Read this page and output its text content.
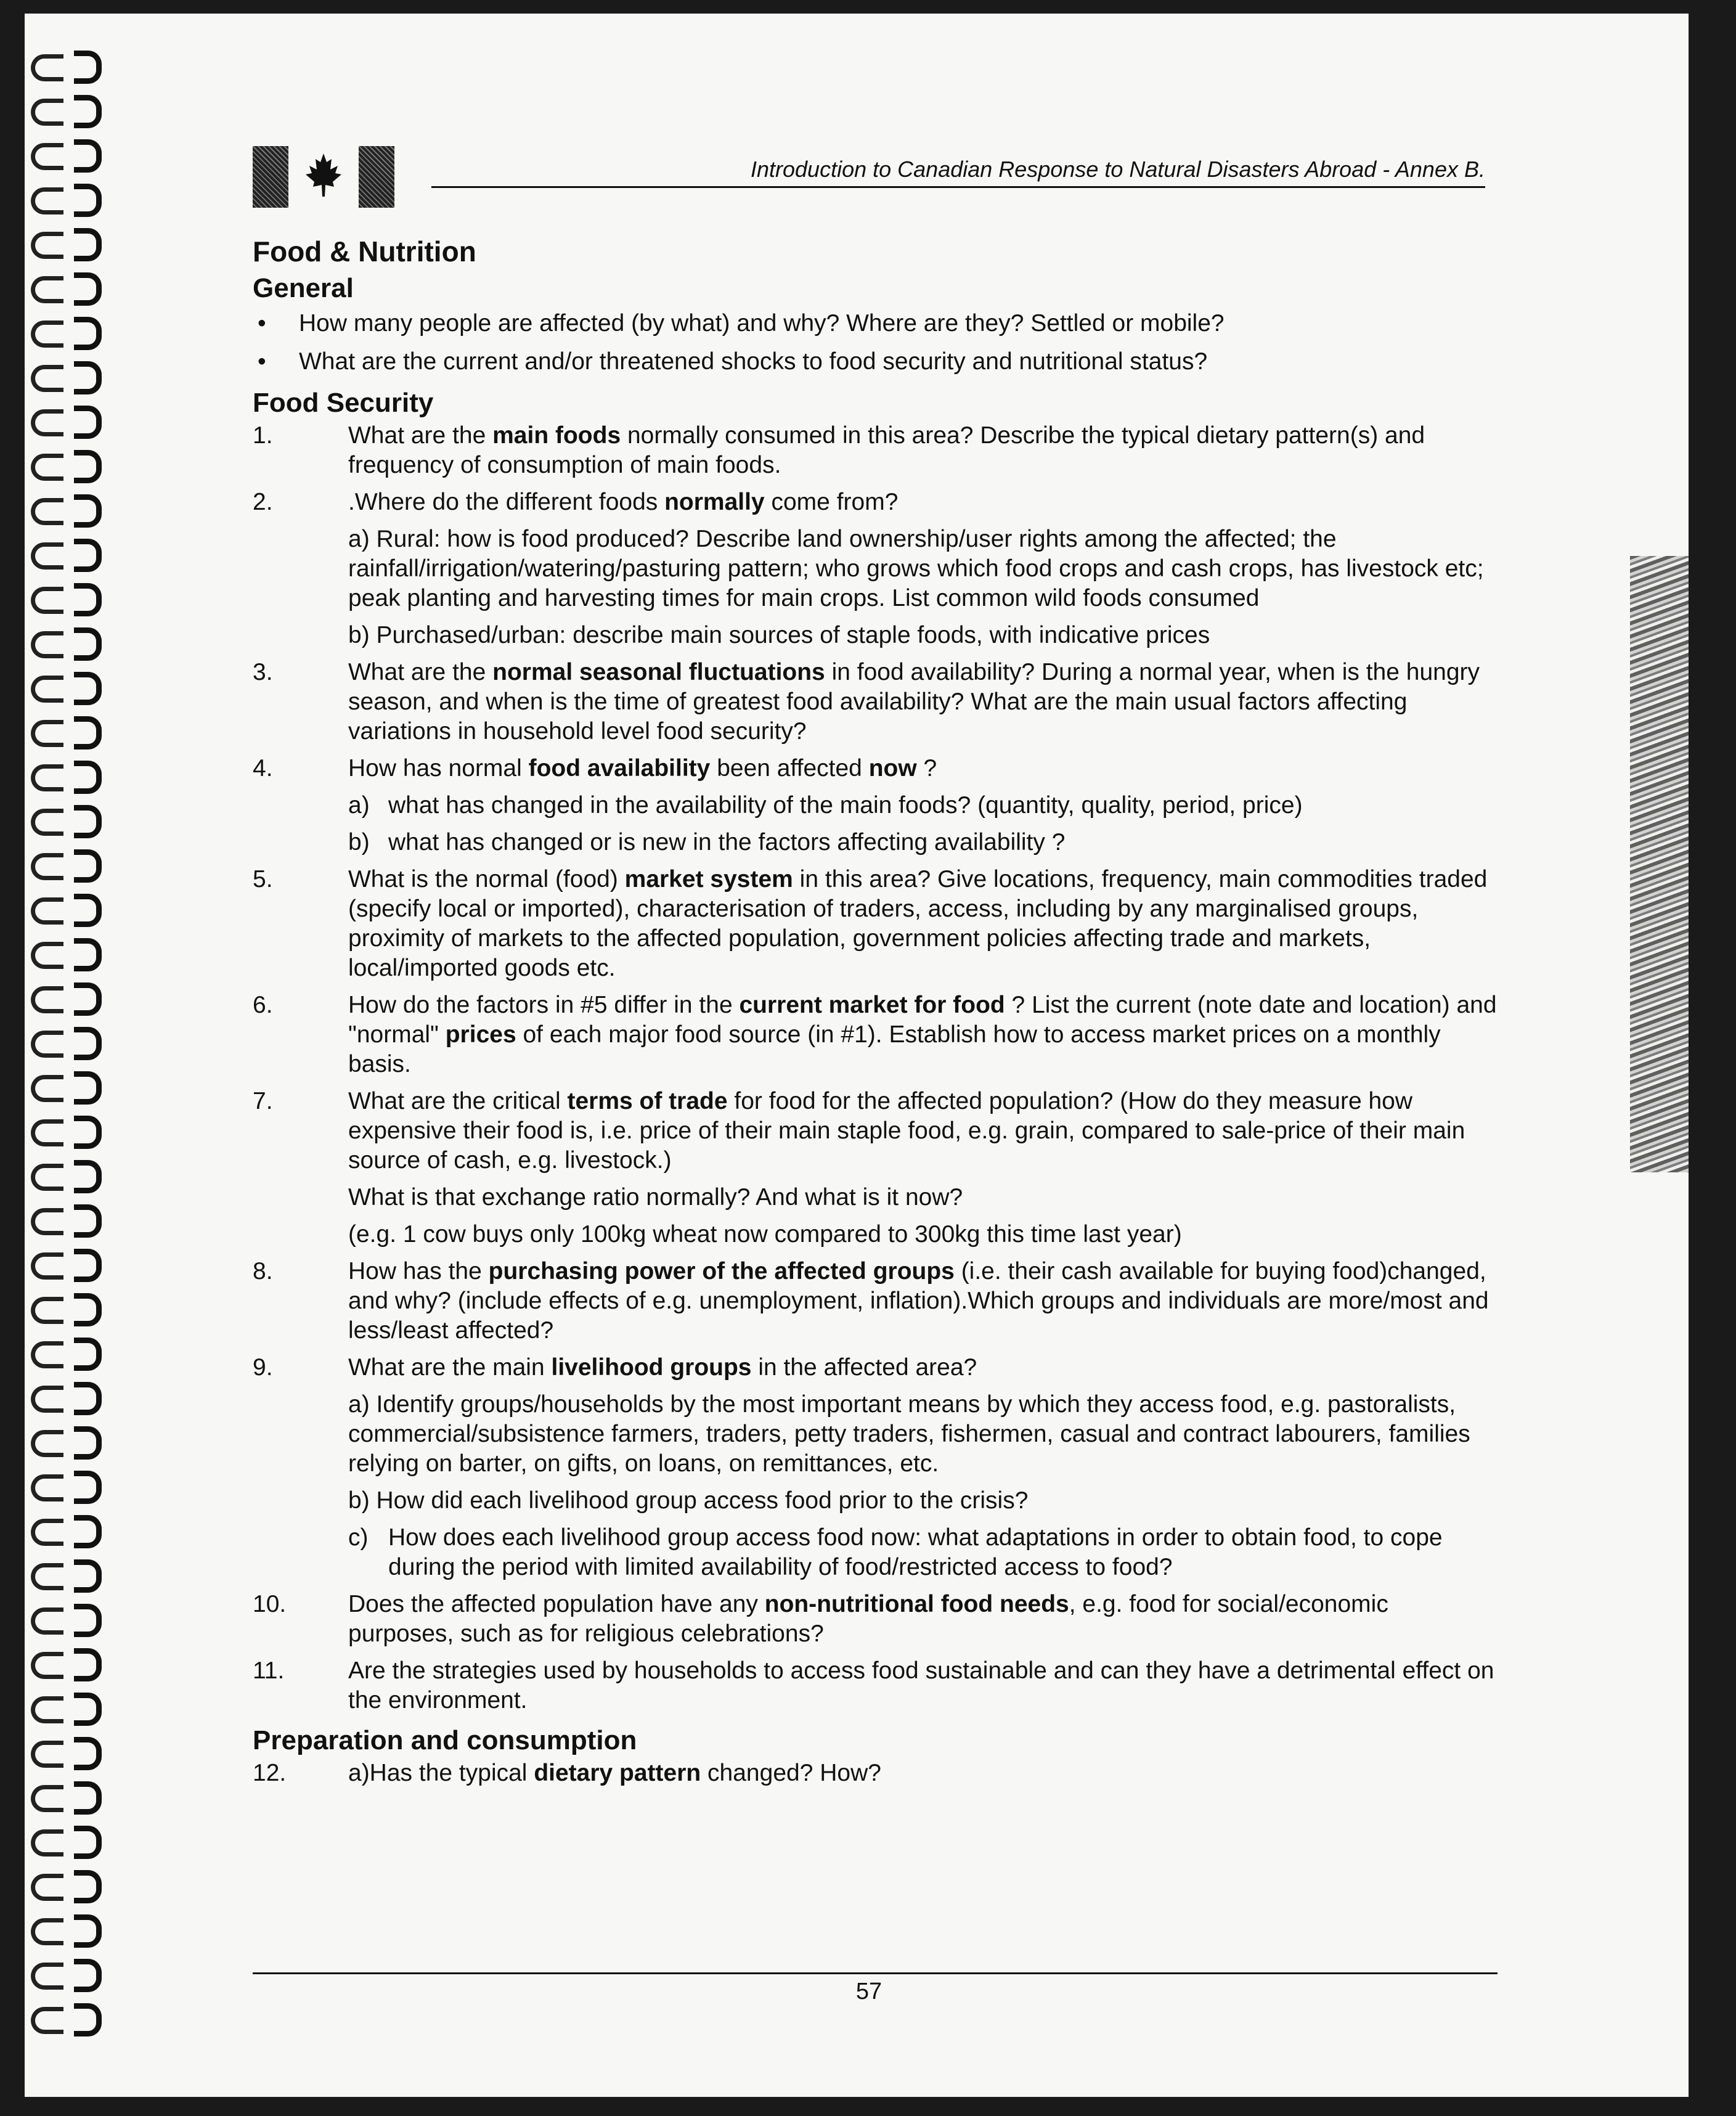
Introduction to Canadian Response to Natural Disasters Abroad - Annex B.
Food & Nutrition
General
• How many people are affected (by what) and why? Where are they? Settled or mobile?
• What are the current and/or threatened shocks to food security and nutritional status?
Food Security
1.	What are the main foods normally consumed in this area? Describe the typical dietary pattern(s) and frequency of consumption of main foods.
2.	.Where do the different foods normally come from?
a) Rural: how is food produced? Describe land ownership/user rights among the affected; the rainfall/irrigation/watering/pasturing pattern; who grows which food crops and cash crops, has livestock etc; peak planting and harvesting times for main crops. List common wild foods consumed
b) Purchased/urban: describe main sources of staple foods, with indicative prices
3.	What are the normal seasonal fluctuations in food availability? During a normal year, when is the hungry season, and when is the time of greatest food availability? What are the main usual factors affecting variations in household level food security?
4.	How has normal food availability been affected now ?
a) what has changed in the availability of the main foods? (quantity, quality, period, price)
b) what has changed or is new in the factors affecting availability ?
5.	What is the normal (food) market system in this area? Give locations, frequency, main commodities traded (specify local or imported), characterisation of traders, access, including by any marginalised groups, proximity of markets to the affected population, government policies affecting trade and markets, local/imported goods etc.
6.	How do the factors in #5 differ in the current market for food ? List the current (note date and location) and "normal" prices of each major food source (in #1). Establish how to access market prices on a monthly basis.
7.	What are the critical terms of trade for food for the affected population? (How do they measure how expensive their food is, i.e. price of their main staple food, e.g. grain, compared to sale-price of their main source of cash, e.g. livestock.)
What is that exchange ratio normally? And what is it now?
(e.g. 1 cow buys only 100kg wheat now compared to 300kg this time last year)
8.	How has the purchasing power of the affected groups (i.e. their cash available for buying food)changed, and why? (include effects of e.g. unemployment, inflation).Which groups and individuals are more/most and less/least affected?
9.	What are the main livelihood groups in the affected area?
a) Identify groups/households by the most important means by which they access food, e.g. pastoralists, commercial/subsistence farmers, traders, petty traders, fishermen, casual and contract labourers, families relying on barter, on gifts, on loans, on remittances, etc.
b) How did each livelihood group access food prior to the crisis?
c) How does each livelihood group access food now: what adaptations in order to obtain food, to cope during the period with limited availability of food/restricted access to food?
10.	Does the affected population have any non-nutritional food needs, e.g. food for social/economic purposes, such as for religious celebrations?
11.	Are the strategies used by households to access food sustainable and can they have a detrimental effect on the environment.
Preparation and consumption
12.	a)Has the typical dietary pattern changed? How?
57
